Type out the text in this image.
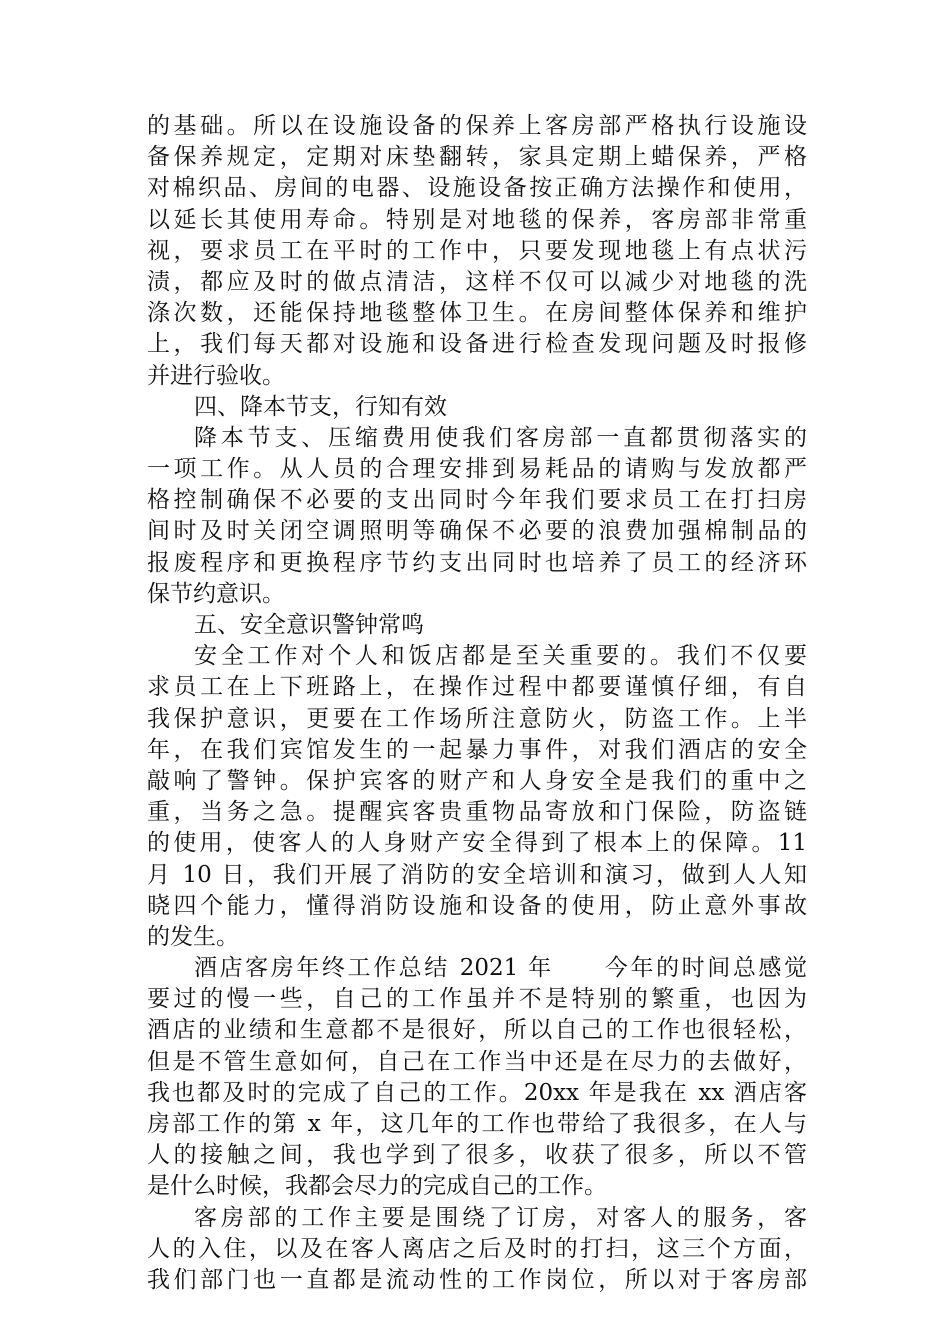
的基础。所以在设施设备的保养上客房部严格执行设施设
备保养规定，定期对床垫翻转，家具定期上蜡保养，严格
对棉织品、房间的电器、设施设备按正确方法操作和使用，
以延长其使用寿命。特别是对地毯的保养，客房部非常重
视，要求员工在平时的工作中，只要发现地毯上有点状污
渍，都应及时的做点清洁，这样不仅可以减少对地毯的洗
涤次数，还能保持地毯整体卫生。在房间整体保养和维护
上，我们每天都对设施和设备进行检查发现问题及时报修
并进行验收。
四、降本节支，行知有效
降本节支、压缩费用使我们客房部一直都贯彻落实的
一项工作。从人员的合理安排到易耗品的请购与发放都严
格控制确保不必要的支出同时今年我们要求员工在打扫房
间时及时关闭空调照明等确保不必要的浪费加强棉制品的
报废程序和更换程序节约支出同时也培养了员工的经济环
保节约意识。
五、安全意识警钟常鸣
安全工作对个人和饭店都是至关重要的。我们不仅要
求员工在上下班路上，在操作过程中都要谨慎仔细，有自
我保护意识，更要在工作场所注意防火，防盗工作。上半
年，在我们宾馆发生的一起暴力事件，对我们酒店的安全
敲响了警钟。保护宾客的财产和人身安全是我们的重中之
重，当务之急。提醒宾客贵重物品寄放和门保险，防盗链
的使用，使客人的人身财产安全得到了根本上的保障。11
月 10 日，我们开展了消防的安全培训和演习，做到人人知
晓四个能力，懂得消防设施和设备的使用，防止意外事故
的发生。
酒店客房年终工作总结 2021 年　　今年的时间总感觉
要过的慢一些，自己的工作虽并不是特别的繁重，也因为
酒店的业绩和生意都不是很好，所以自己的工作也很轻松，
但是不管生意如何，自己在工作当中还是在尽力的去做好，
我也都及时的完成了自己的工作。20xx 年是我在 xx 酒店客
房部工作的第 x 年，这几年的工作也带给了我很多，在人与
人的接触之间，我也学到了很多，收获了很多，所以不管
是什么时候，我都会尽力的完成自己的工作。
客房部的工作主要是围绕了订房，对客人的服务，客
人的入住，以及在客人离店之后及时的打扫，这三个方面，
我们部门也一直都是流动性的工作岗位，所以对于客房部
